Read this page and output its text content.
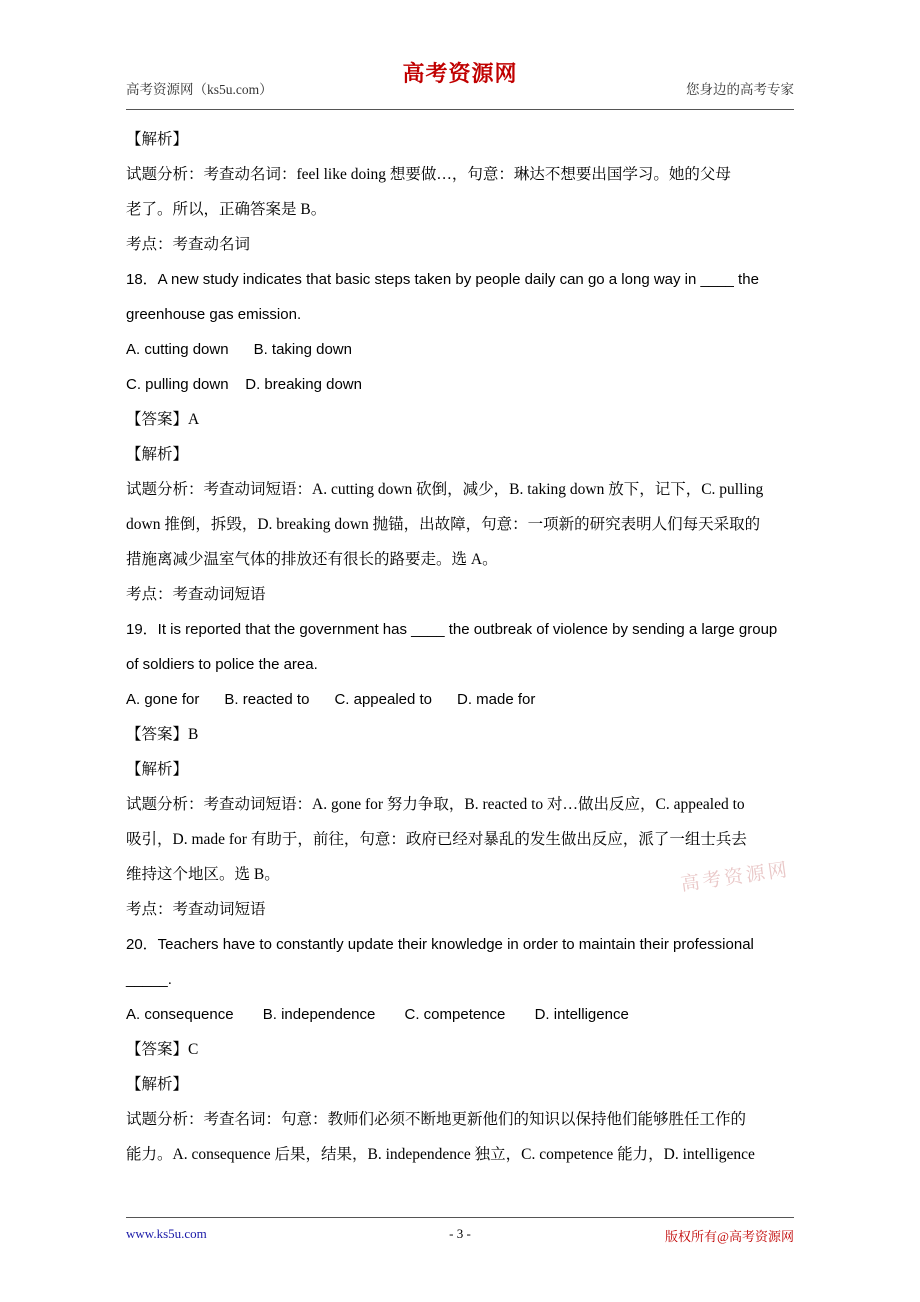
高考资源网（ks5u.com）
高考资源网
您身边的高考专家

【解析】

试题分析：考查动名词：feel like doing 想要做…，句意：琳达不想要出国学习。她的父母

老了。所以，正确答案是 B。

考点：考查动名词

18．A new study indicates that basic steps taken by people daily can go a long way in ____ the

greenhouse gas emission.

A. cutting down      B. taking down

C. pulling down    D. breaking down

【答案】A

【解析】

试题分析：考查动词短语：A. cutting down 砍倒，减少，B. taking down 放下，记下，C. pulling

down 推倒，拆毁，D. breaking down 抛锚，出故障，句意：一项新的研究表明人们每天采取的

措施离减少温室气体的排放还有很长的路要走。选 A。

考点：考查动词短语

19．It is reported that the government has ____ the outbreak of violence by sending a large group

of soldiers to police the area.

A. gone for      B. reacted to      C. appealed to      D. made for

【答案】B

【解析】

试题分析：考查动词短语：A. gone for 努力争取，B. reacted to 对…做出反应，C. appealed to

吸引，D. made for 有助于，前往，句意：政府已经对暴乱的发生做出反应，派了一组士兵去

维持这个地区。选 B。

考点：考查动词短语

20．Teachers have to constantly update their knowledge in order to maintain their professional

_____.

A. consequence       B. independence       C. competence       D. intelligence

【答案】C

【解析】

试题分析：考查名词：句意：教师们必须不断地更新他们的知识以保持他们能够胜任工作的

能力。A. consequence 后果，结果，B. independence 独立，C. competence 能力，D. intelligence

高考资源网
www.ks5u.com	- 3 -	版权所有@高考资源网
